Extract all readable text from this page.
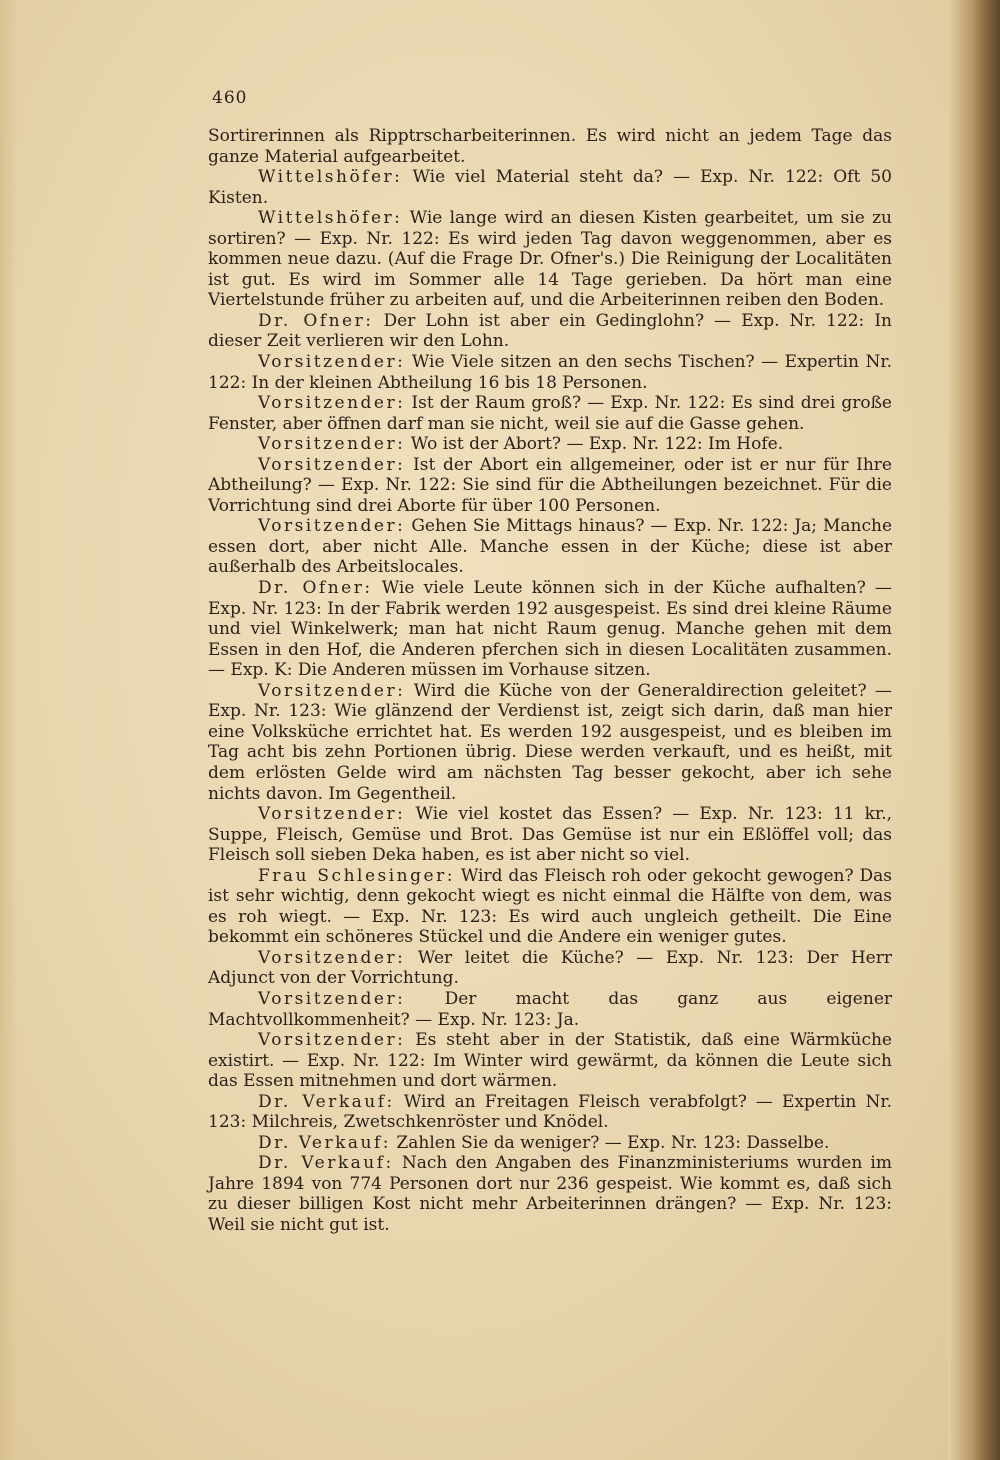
460

Sortirerinnen als Ripptrscharbeiterinnen. Es wird nicht an jedem Tage das ganze Material aufgearbeitet.

Wittelshöfer: Wie viel Material steht da? — Exp. Nr. 122: Oft 50 Kisten.

Wittelshöfer: Wie lange wird an diesen Kisten gearbeitet, um sie zu sortiren? — Exp. Nr. 122: Es wird jeden Tag davon weggenommen, aber es kommen neue dazu. (Auf die Frage Dr. Ofner's.) Die Reinigung der Localitäten ist gut. Es wird im Sommer alle 14 Tage gerieben. Da hört man eine Viertelstunde früher zu arbeiten auf, und die Arbeiterinnen reiben den Boden.

Dr. Ofner: Der Lohn ist aber ein Gedinglohn? — Exp. Nr. 122: In dieser Zeit verlieren wir den Lohn.

Vorsitzender: Wie Viele sitzen an den sechs Tischen? — Expertin Nr. 122: In der kleinen Abtheilung 16 bis 18 Personen.

Vorsitzender: Ist der Raum groß? — Exp. Nr. 122: Es sind drei große Fenster, aber öffnen darf man sie nicht, weil sie auf die Gasse gehen.

Vorsitzender: Wo ist der Abort? — Exp. Nr. 122: Im Hofe.

Vorsitzender: Ist der Abort ein allgemeiner, oder ist er nur für Ihre Abtheilung? — Exp. Nr. 122: Sie sind für die Abtheilungen bezeichnet. Für die Vorrichtung sind drei Aborte für über 100 Personen.

Vorsitzender: Gehen Sie Mittags hinaus? — Exp. Nr. 122: Ja; Manche essen dort, aber nicht Alle. Manche essen in der Küche; diese ist aber außerhalb des Arbeitslocales.

Dr. Ofner: Wie viele Leute können sich in der Küche aufhalten? — Exp. Nr. 123: In der Fabrik werden 192 ausgespeist. Es sind drei kleine Räume und viel Winkelwerk; man hat nicht Raum genug. Manche gehen mit dem Essen in den Hof, die Anderen pferchen sich in diesen Localitäten zusammen. — Exp. K: Die Anderen müssen im Vorhause sitzen.

Vorsitzender: Wird die Küche von der Generaldirection geleitet? — Exp. Nr. 123: Wie glänzend der Verdienst ist, zeigt sich darin, daß man hier eine Volksküche errichtet hat. Es werden 192 ausgespeist, und es bleiben im Tag acht bis zehn Portionen übrig. Diese werden verkauft, und es heißt, mit dem erlösten Gelde wird am nächsten Tag besser gekocht, aber ich sehe nichts davon. Im Gegentheil.

Vorsitzender: Wie viel kostet das Essen? — Exp. Nr. 123: 11 kr., Suppe, Fleisch, Gemüse und Brot. Das Gemüse ist nur ein Eßlöffel voll; das Fleisch soll sieben Deka haben, es ist aber nicht so viel.

Frau Schlesinger: Wird das Fleisch roh oder gekocht gewogen? Das ist sehr wichtig, denn gekocht wiegt es nicht einmal die Hälfte von dem, was es roh wiegt. — Exp. Nr. 123: Es wird auch ungleich getheilt. Die Eine bekommt ein schöneres Stückel und die Andere ein weniger gutes.

Vorsitzender: Wer leitet die Küche? — Exp. Nr. 123: Der Herr Adjunct von der Vorrichtung.

Vorsitzender: Der macht das ganz aus eigener Machtvollkommenheit? — Exp. Nr. 123: Ja.

Vorsitzender: Es steht aber in der Statistik, daß eine Wärmküche existirt. — Exp. Nr. 122: Im Winter wird gewärmt, da können die Leute sich das Essen mitnehmen und dort wärmen.

Dr. Verkauf: Wird an Freitagen Fleisch verabfolgt? — Expertin Nr. 123: Milchreis, Zwetschkenröster und Knödel.

Dr. Verkauf: Zahlen Sie da weniger? — Exp. Nr. 123: Dasselbe.

Dr. Verkauf: Nach den Angaben des Finanzministeriums wurden im Jahre 1894 von 774 Personen dort nur 236 gespeist. Wie kommt es, daß sich zu dieser billigen Kost nicht mehr Arbeiterinnen drängen? — Exp. Nr. 123: Weil sie nicht gut ist.
